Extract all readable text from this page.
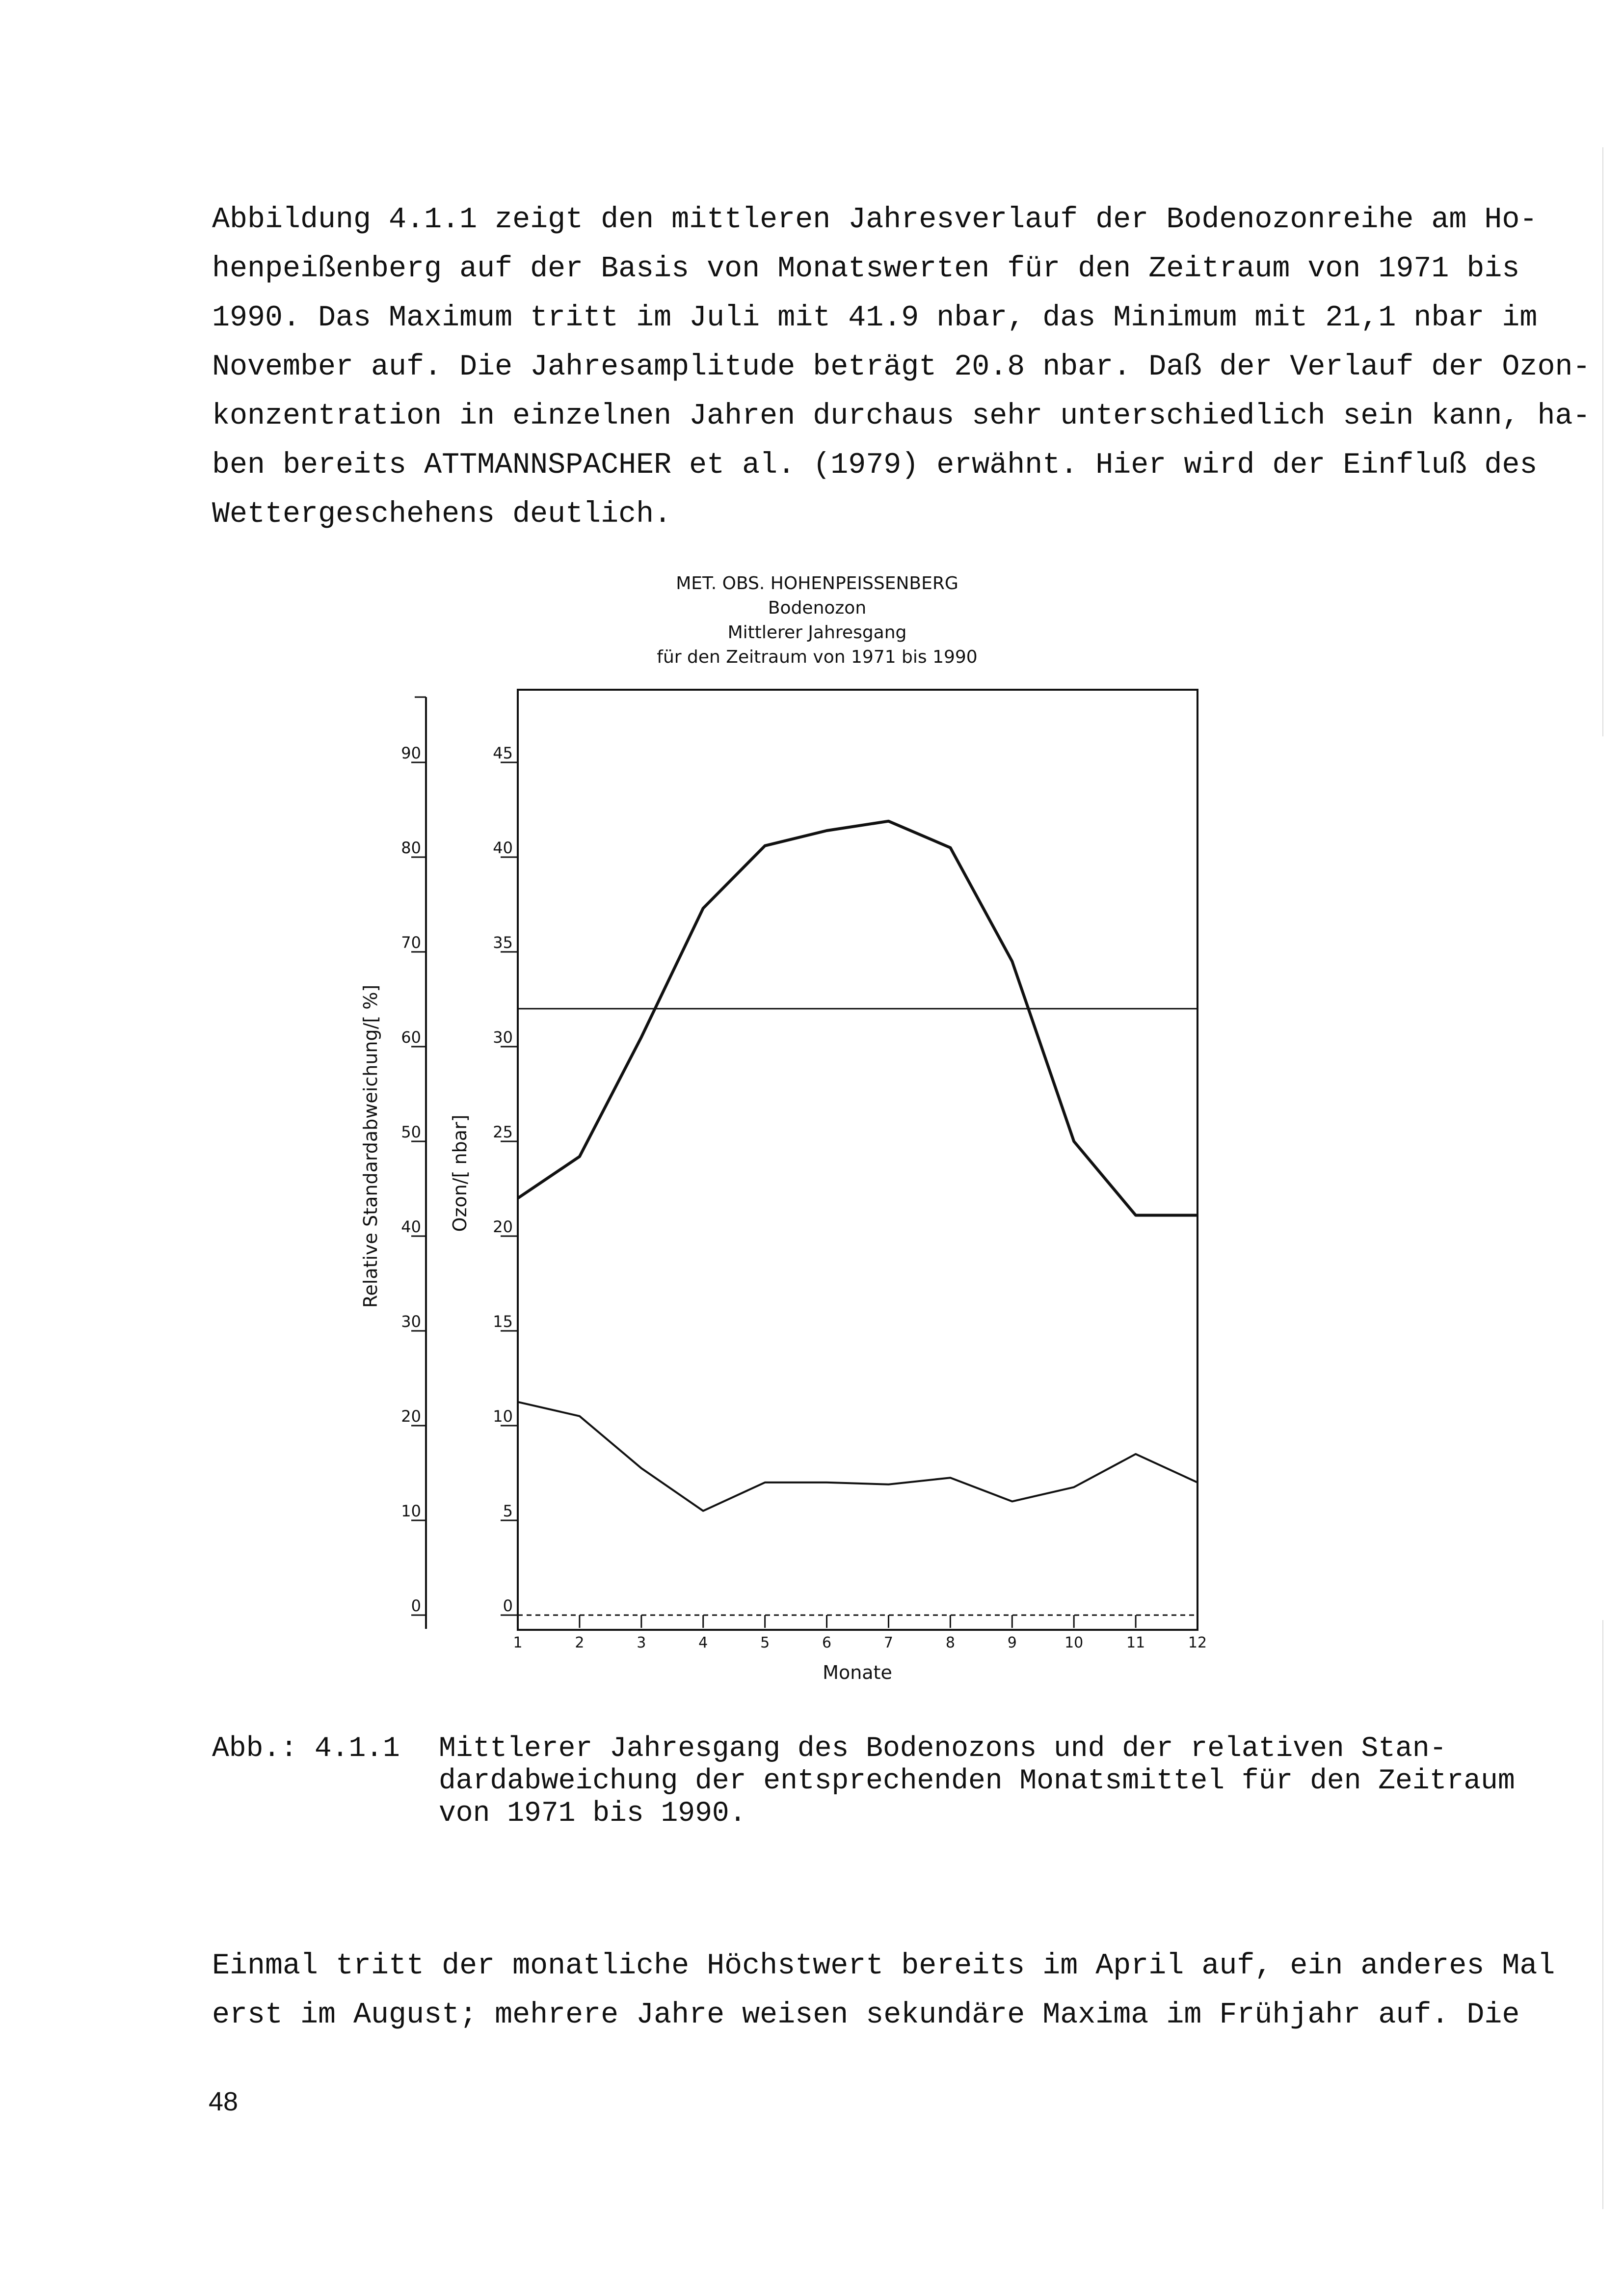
Abbildung 4.1.1 zeigt den mittleren Jahresverlauf der Bodenozonreihe am Ho-
henpeißenberg auf der Basis von Monatswerten für den Zeitraum von 1971 bis
1990. Das Maximum tritt im Juli mit 41.9 nbar, das Minimum mit 21,1 nbar im
November auf. Die Jahresamplitude beträgt 20.8 nbar. Daß der Verlauf der Ozon-
konzentration in einzelnen Jahren durchaus sehr unterschiedlich sein kann, ha-
ben bereits ATTMANNSPACHER et al. (1979) erwähnt. Hier wird der Einfluß des
Wettergeschehens deutlich.
MET. OBS. HOHENPEISSENBERG
Bodenozon
Mittlerer Jahresgang
für den Zeitraum von 1971 bis 1990
0
10
20
30
40
50
60
70
80
90
0
5
10
15
20
25
30
35
40
45
1	2	3	4	5	6	7	8	9	10	11	12
Relative Standardabweichung/[ %]	Ozon/[ nbar]
Monate
Abb.: 4.1.1 Mittlerer Jahresgang des Bodenozons und der relativen Stan-
dardabweichung der entsprechenden Monatsmittel für den Zeitraum
von 1971 bis 1990.
Einmal tritt der monatliche Höchstwert bereits im April auf, ein anderes Mal
erst im August; mehrere Jahre weisen sekundäre Maxima im Frühjahr auf. Die
48
